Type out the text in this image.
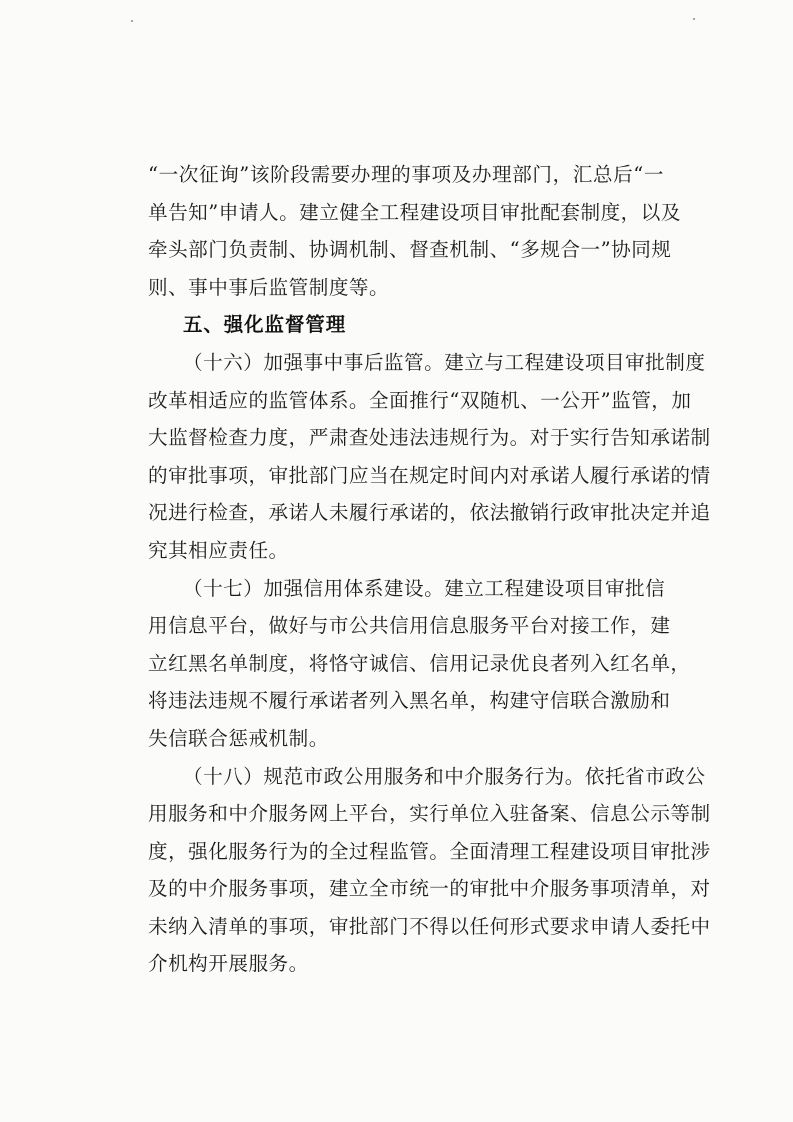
“一次征询”该阶段需要办理的事项及办理部门，汇总后“一
单告知”申请人。建立健全工程建设项目审批配套制度，以及
牵头部门负责制、协调机制、督查机制、“多规合一”协同规
则、事中事后监管制度等。
五、强化监督管理
（十六）加强事中事后监管。建立与工程建设项目审批制度
改革相适应的监管体系。全面推行“双随机、一公开”监管，加
大监督检查力度，严肃查处违法违规行为。对于实行告知承诺制
的审批事项，审批部门应当在规定时间内对承诺人履行承诺的情
况进行检查，承诺人未履行承诺的，依法撤销行政审批决定并追
究其相应责任。
（十七）加强信用体系建设。建立工程建设项目审批信
用信息平台，做好与市公共信用信息服务平台对接工作，建
立红黑名单制度，将恪守诚信、信用记录优良者列入红名单，
将违法违规不履行承诺者列入黑名单，构建守信联合激励和
失信联合惩戒机制。
（十八）规范市政公用服务和中介服务行为。依托省市政公
用服务和中介服务网上平台，实行单位入驻备案、信息公示等制
度，强化服务行为的全过程监管。全面清理工程建设项目审批涉
及的中介服务事项，建立全市统一的审批中介服务事项清单，对
未纳入清单的事项，审批部门不得以任何形式要求申请人委托中
介机构开展服务。
